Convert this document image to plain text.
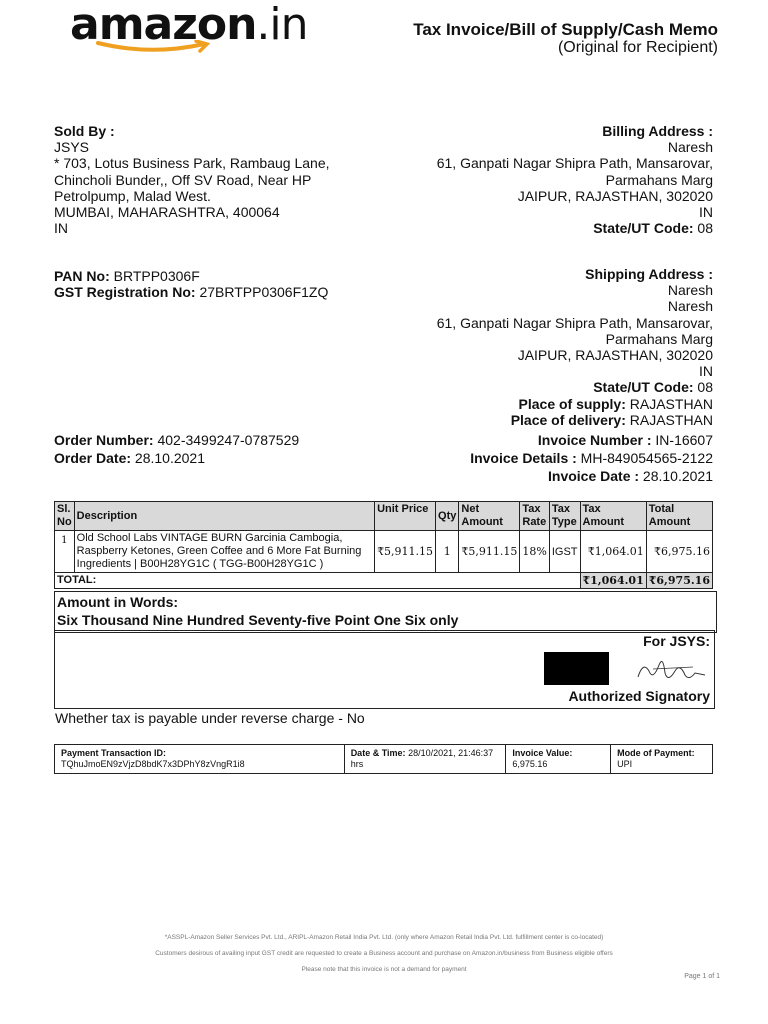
amazon.in	Tax Invoice/Bill of Supply/Cash Memo
(Original for Recipient)
Sold By :
JSYS
* 703, Lotus Business Park, Rambaug Lane,
Chincholi Bunder,, Off SV Road, Near HP
Petrolpump, Malad West.
MUMBAI, MAHARASHTRA, 400064
IN
PAN No: BRTPP0306F
GST Registration No: 27BRTPP0306F1ZQ
Billing Address :
Naresh
61, Ganpati Nagar Shipra Path, Mansarovar,
Parmahans Marg
JAIPUR, RAJASTHAN, 302020
IN
State/UT Code: 08
Shipping Address :
Naresh
Naresh
61, Ganpati Nagar Shipra Path, Mansarovar,
Parmahans Marg
JAIPUR, RAJASTHAN, 302020
IN
State/UT Code: 08
Place of supply: RAJASTHAN
Place of delivery: RAJASTHAN
Order Number: 402-3499247-0787529
Order Date: 28.10.2021
Invoice Number : IN-16607
Invoice Details : MH-849054565-2122
Invoice Date : 28.10.2021
Sl. No	Description	Unit Price	Qty	Net Amount	Tax Rate	Tax Type	Tax Amount	Total Amount
1	Old School Labs VINTAGE BURN Garcinia Cambogia, Raspberry Ketones, Green Coffee and 6 More Fat Burning Ingredients | B00H28YG1C ( TGG-B00H28YG1C )	₹5,911.15	1	₹5,911.15	18%	IGST	₹1,064.01	₹6,975.16
TOTAL:							₹1,064.01	₹6,975.16
Amount in Words:
Six Thousand Nine Hundred Seventy-five Point One Six only
For JSYS:
Authorized Signatory
Whether tax is payable under reverse charge - No
Payment Transaction ID:
TQhuJmoEN9zVjzD8bdK7x3DPhY8zVngR1i8
	Date & Time: 28/10/2021, 21:46:37 hrs	
Invoice Value:
6,975.16

Mode of Payment:
UPI
*ASSPL-Amazon Seller Services Pvt. Ltd., ARIPL-Amazon Retail India Pvt. Ltd. (only where Amazon Retail India Pvt. Ltd. fulfillment center is co-located)
Customers desirous of availing input GST credit are requested to create a Business account and purchase on Amazon.in/business from Business eligible offers
Please note that this invoice is not a demand for payment
Page 1 of 1
